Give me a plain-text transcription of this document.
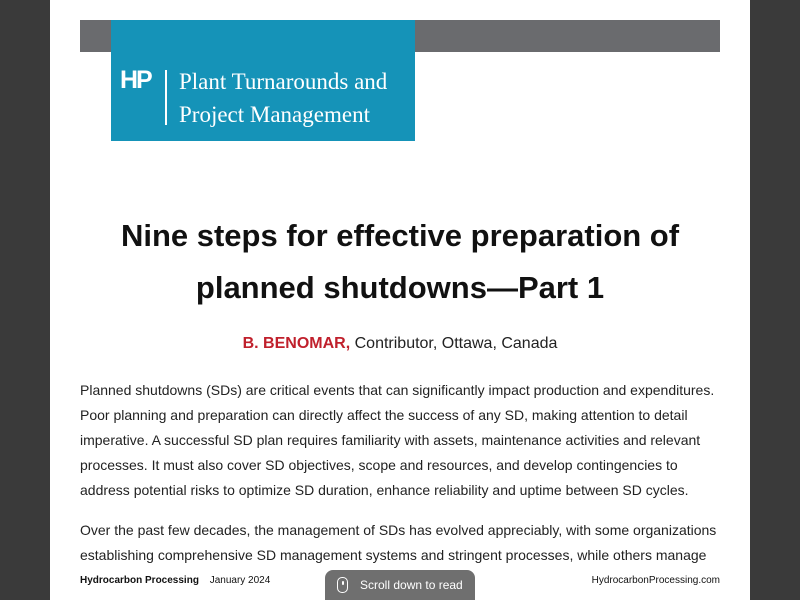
HP Plant Turnarounds and
Project Management
Nine steps for effective preparation of
planned shutdowns—Part 1
B. BENOMAR, Contributor, Ottawa, Canada

Planned shutdowns (SDs) are critical events that can significantly impact production and expenditures. Poor planning and preparation can directly affect the success of any SD, making attention to detail imperative. A successful SD plan requires familiarity with assets, maintenance activities and relevant processes. It must also cover SD objectives, scope and resources, and develop contingencies to address potential risks to optimize SD duration, enhance reliability and uptime between SD cycles.

Over the past few decades, the management of SDs has evolved appreciably, with some organizations establishing comprehensive SD management systems and stringent processes, while others manage

Hydrocarbon Processing January 2024	HydrocarbonProcessing.com
Scroll down to read
